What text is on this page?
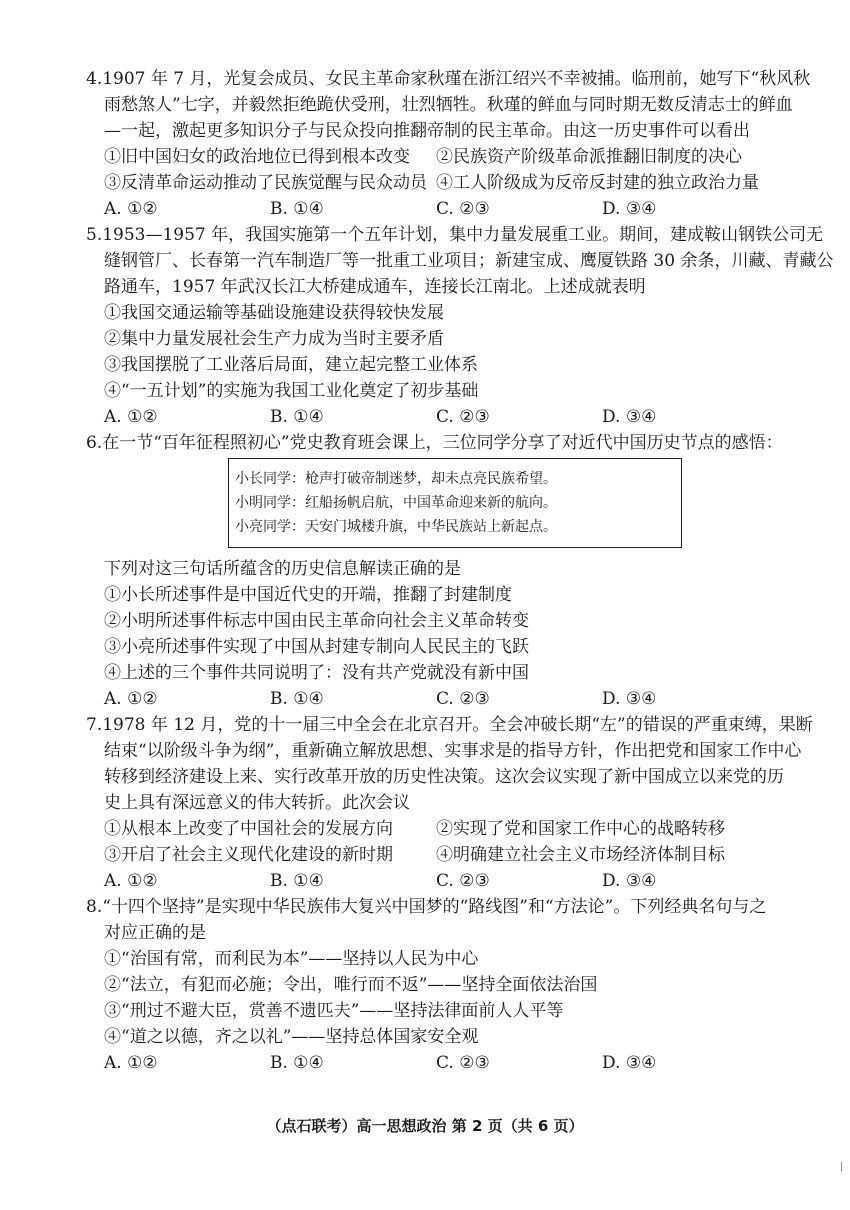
4.1907 年 7 月，光复会成员、女民主革命家秋瑾在浙江绍兴不幸被捕。临刑前，她写下“秋风秋
雨愁煞人”七字，并毅然拒绝跪伏受刑，壮烈牺牲。秋瑾的鲜血与同时期无数反清志士的鲜血
—一起，激起更多知识分子与民众投向推翻帝制的民主革命。由这一历史事件可以看出
①旧中国妇女的政治地位已得到根本改变	②民族资产阶级革命派推翻旧制度的决心
③反清革命运动推动了民族觉醒与民众动员 ④工人阶级成为反帝反封建的独立政治力量
A. ①②	B. ①④	C. ②③	D. ③④
5.1953—1957 年，我国实施第一个五年计划，集中力量发展重工业。期间，建成鞍山钢铁公司无
缝钢管厂、长春第一汽车制造厂等一批重工业项目；新建宝成、鹰厦铁路 30 余条，川藏、青藏公
路通车，1957 年武汉长江大桥建成通车，连接长江南北。上述成就表明
①我国交通运输等基础设施建设获得较快发展
②集中力量发展社会生产力成为当时主要矛盾
③我国摆脱了工业落后局面，建立起完整工业体系
④“一五计划”的实施为我国工业化奠定了初步基础
A. ①②	B. ①④	C. ②③	D. ③④
6.在一节“百年征程照初心”党史教育班会课上，三位同学分享了对近代中国历史节点的感悟：
小长同学：枪声打破帝制迷梦，却未点亮民族希望。
小明同学：红船扬帆启航，中国革命迎来新的航向。
小亮同学：天安门城楼升旗，中华民族站上新起点。
下列对这三句话所蕴含的历史信息解读正确的是
①小长所述事件是中国近代史的开端，推翻了封建制度
②小明所述事件标志中国由民主革命向社会主义革命转变
③小亮所述事件实现了中国从封建专制向人民民主的飞跃
④上述的三个事件共同说明了：没有共产党就没有新中国
A. ①②	B. ①④	C. ②③	D. ③④
7.1978 年 12 月，党的十一届三中全会在北京召开。全会冲破长期“左”的错误的严重束缚，果断
结束“以阶级斗争为纲”，重新确立解放思想、实事求是的指导方针，作出把党和国家工作中心
转移到经济建设上来、实行改革开放的历史性决策。这次会议实现了新中国成立以来党的历
史上具有深远意义的伟大转折。此次会议
①从根本上改变了中国社会的发展方向	②实现了党和国家工作中心的战略转移
③开启了社会主义现代化建设的新时期	④明确建立社会主义市场经济体制目标
A. ①②	B. ①④	C. ②③	D. ③④
8.“十四个坚持”是实现中华民族伟大复兴中国梦的“路线图”和“方法论”。下列经典名句与之
对应正确的是
①“治国有常，而利民为本”——坚持以人民为中心
②“法立，有犯而必施；令出，唯行而不返”——坚持全面依法治国
③“刑过不避大臣，赏善不遗匹夫”——坚持法律面前人人平等
④“道之以德，齐之以礼”——坚持总体国家安全观
A. ①②	B. ①④	C. ②③	D. ③④
（点石联考）高一思想政治 第 2 页（共 6 页）
